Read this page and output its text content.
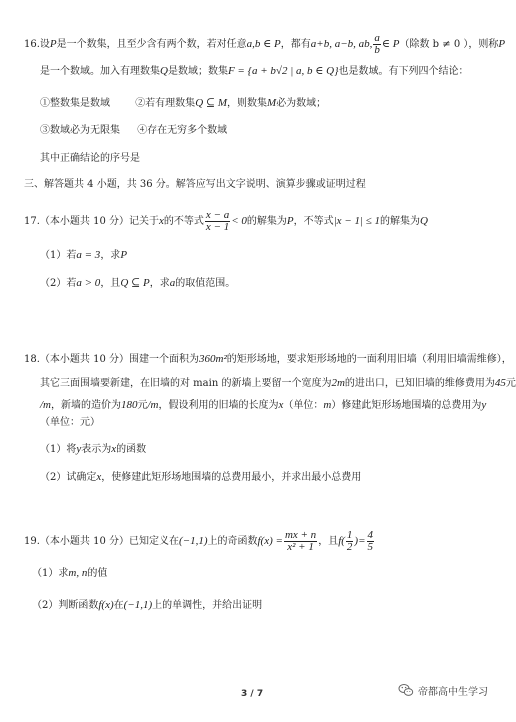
16.设P是一个数集，且至少含有两个数，若对任意a,b ∈ P，都有a+b, a−b, ab, $\frac{a}{b}$ ∈ P（除数 b ≠ 0 ），则称P
是一个数域。加入有理数集Q是数域；数集F = {a + b√2 | a, b ∈ Q}也是数域。有下列四个结论：
①整数集是数域	②若有理数集Q ⊆ M，则数集M必为数域；
③数域必为无限集 ④存在无穷多个数域
其中正确结论的序号是
三、解答题共 4 小题，共 36 分。解答应写出文字说明、演算步骤或证明过程
17.（本小题共 10 分）记关于x的不等式 $\frac{x - a}{x - 1} < 0$的解集为P，不等式|x − 1| ≤ 1的解集为Q
（1）若a = 3，求P
（2）若a > 0，且Q ⊆ P，求a的取值范围。
18.（本小题共 10 分）围建一个面积为360m²的矩形场地，要求矩形场地的一面利用旧墙（利用旧墙需维修），
其它三面围墙要新建，在旧墙的对 main 的新墙上要留一个宽度为2m的进出口，已知旧墙的维修费用为45元
/m，新墙的造价为180元/m，假设利用的旧墙的长度为x（单位：m）修建此矩形场地围墙的总费用为y
（单位：元）
（1）将y表示为x的函数
（2）试确定x，使修建此矩形场地围墙的总费用最小，并求出最小总费用
19.（本小题共 10 分）已知定义在(−1,1)上的奇函数$f(x) = \frac{mx + n}{\text{x² + 1}}$ ，且$f( \frac{1}{2}$ )= $\frac{4}{5}$
（1）求m, n的值
（2）判断函数f(x)在(−1,1)上的单调性，并给出证明
3 / 7	帝都高中生学习
